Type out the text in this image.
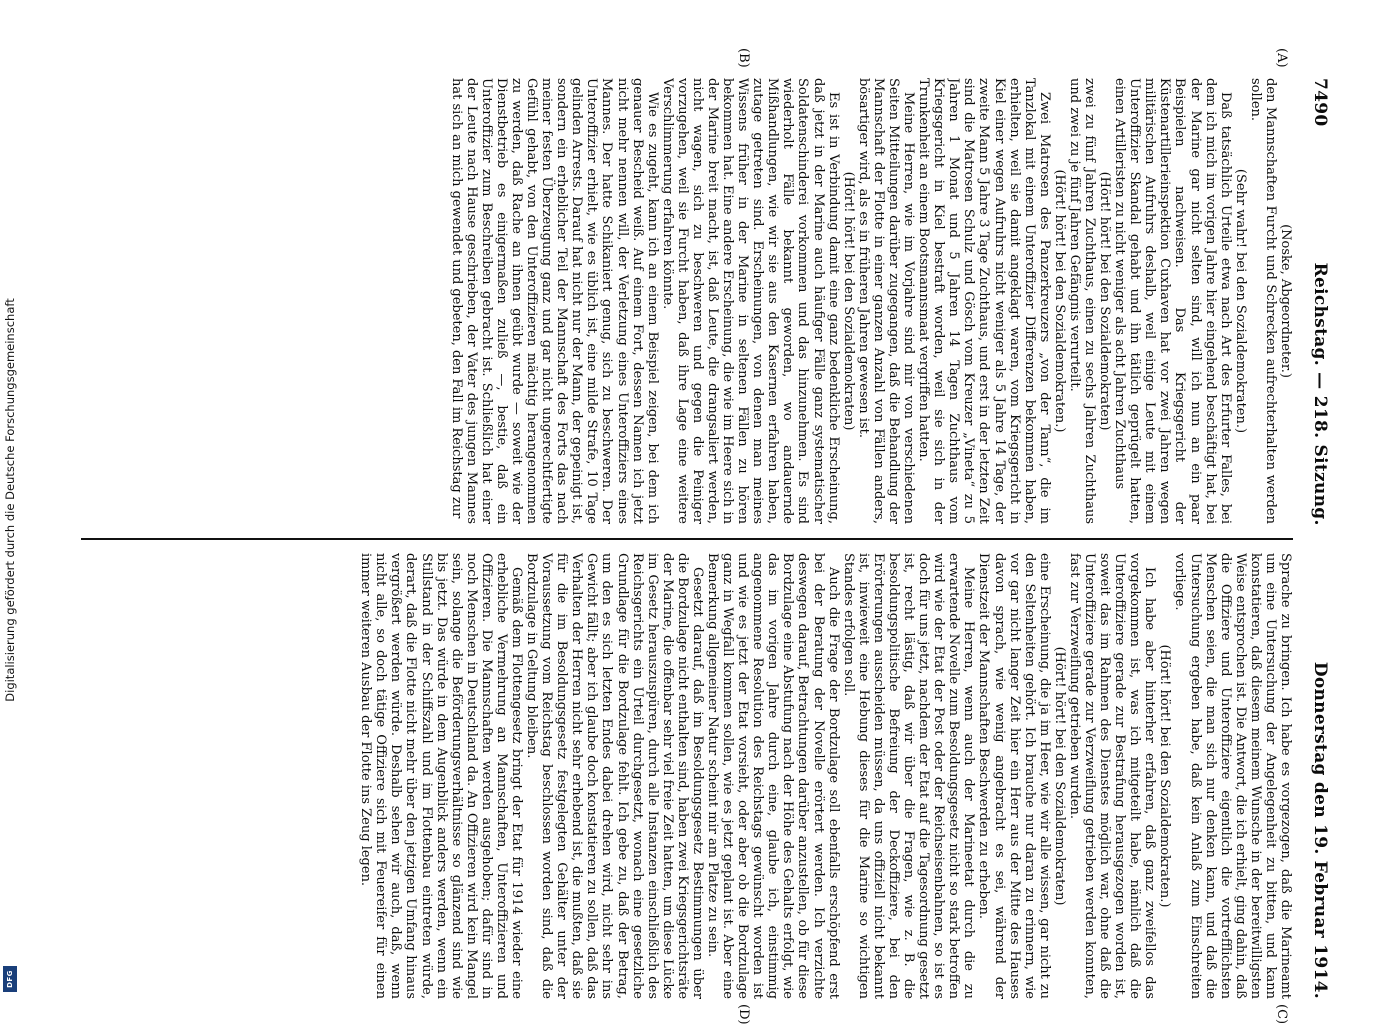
Digitalisierung gefördert durch die Deutsche Forschungsgemeinschaft
DFG
7490
Reichstag. — 218. Sitzung.
Donnerstag den 19. Februar 1914.

(Noske, Abgeordneter.)

den Mannschaften Furcht und Schrecken aufrechterhalten werden sollen.

(Sehr wahr! bei den Sozialdemokraten.)

Daß tatsächlich Urteile etwa nach Art des Erfurter Falles, bei dem ich mich im vorigen Jahre hier eingehend beschäftigt hat, bei der Marine gar nicht selten sind, will ich nun an ein paar Beispielen nachweisen. Das Kriegsgericht der Küstenartillerieinspektion Cuxhaven hat vor zwei Jahren wegen militärischen Aufruhrs deshalb, weil einige Leute mit einem Unteroffizier Skandal gehabt und ihn tätlich geprügelt hatten, einen Artilleristen zu nicht weniger als acht Jahren Zuchthaus

(Hört! hört! bei den Sozialdemokraten)

zwei zu fünf Jahren Zuchthaus, einen zu sechs Jahren Zuchthaus und zwei zu je fünf Jahren Gefängnis verurteilt.

(Hört! hört! bei den Sozialdemokraten.)

Zwei Matrosen des Panzerkreuzers „von der Tann“, die im Tanzlokal mit einem Unteroffizier Differenzen bekommen haben, erhielten, weil sie damit angeklagt waren, vom Kriegsgericht in Kiel einer wegen Aufruhrs nicht weniger als 5 Jahre 14 Tage, der zweite Mann 5 Jahre 3 Tage Zuchthaus, und erst in der letzten Zeit sind die Matrosen Schulz und Gösch vom Kreuzer „Vineta“ zu 5 Jahren 1 Monat und 5 Jahren 14 Tagen Zuchthaus vom Kriegsgericht in Kiel bestraft worden, weil sie sich in der Trunkenheit an einem Bootsmannsmaat vergriffen hatten.

Meine Herren, wie im Vorjahre sind mir von verschiedenen Seiten Mitteilungen darüber zugegangen, daß die Behandlung der Mannschaft der Flotte in einer ganzen Anzahl von Fällen anders, bösartiger wird, als es in früheren Jahren gewesen ist.

(Hört! hört! bei den Sozialdemokraten)

Es ist in Verbindung damit eine ganz bedenkliche Erscheinung, daß jetzt in der Marine auch häufiger Fälle ganz systematischer Soldatenschinderei vorkommen und das hinzunehmen. Es sind wiederholt Fälle bekannt geworden, wo andauernde Mißhandlungen, wie wir sie aus den Kasernen erfahren haben, zutage getreten sind. Erscheinungen, von denen man meines Wissens früher in der Marine in seltenen Fällen zu hören bekommen hat. Eine andere Erscheinung, die wie im Heere sich in der Marine breit macht, ist, daß Leute, die drangsaliert werden, nicht wagen, sich zu beschweren und gegen die Peiniger vorzugehen, weil sie Furcht haben, daß ihre Lage eine weitere Verschlimmerung erfahren könnte.

Wie es zugeht, kann ich an einem Beispiel zeigen, bei dem ich genauer Bescheid weiß. Auf einem Fort, dessen Namen ich jetzt nicht mehr nennen will, der Verletzung eines Unteroffiziers eines Mannes. Der hatte Schikaniert genug, sich zu beschweren. Der Unteroffizier erhielt, wie es üblich ist, eine milde Strafe, 10 Tage gelinden Arrests. Darauf hat nicht nur der Mann, der gepeinigt ist, sondern ein erheblicher Teil der Mannschaft des Forts das nach meiner festen Überzeugung ganz und gar nicht ungerechtfertigte Gefühl gehabt, von den Unteroffizieren mächtig herangenommen zu werden, daß Rache an ihnen geübt wurde — soweit wie der Dienstbetrieb es einigermaßen zuließ —, bestie, daß ein Unteroffizier zum Beschreiben gebracht ist. Schließlich hat einer der Leute nach Hause geschrieben, der Vater des jungen Mannes hat sich an mich gewendet und gebeten, den Fall im Reichstag zur

Sprache zu bringen. Ich habe es vorgezogen, daß die Marineamt um eine Untersuchung der Angelegenheit zu bitten, und kann konstatieren, daß diesem meinem Wunsche in der bereitwilligsten Weise entsprochen ist. Die Antwort, die ich erhielt, ging dahin, daß die Offiziere und Unteroffiziere eigentlich die vortrefflichsten Menschen seien, die man sich nur denken kann, und daß die Untersuchung ergeben habe, daß kein Anlaß zum Einschreiten vorliege.

(Hört! hört! bei den Sozialdemokraten.)

Ich habe aber hinterher erfahren, daß ganz zweifellos das vorgekommen ist, was ich mitgeteilt habe, nämlich daß die Unteroffiziere gerade zur Bestrafung herausgezogen worden ist, soweit das im Rahmen des Dienstes möglich war, ohne daß die Unteroffiziere gerade zur Verzweiflung getrieben werden konnten, fast zur Verzweiflung getrieben wurden.

(Hört! hört! bei den Sozialdemokraten)

eine Erscheinung, die ja im Heer, wie wir alle wissen, gar nicht zu den Seltenheiten gehört. Ich brauche nur daran zu erinnern, wie vor gar nicht langer Zeit hier ein Herr aus der Mitte des Hauses davon sprach, wie wenig angebracht es sei, während der Dienstzeit der Mannschaften Beschwerden zu erheben.

Meine Herren, wenn auch der Marineetat durch die zu erwartende Novelle zum Besoldungsgesetz nicht so stark betroffen wird wie der Etat der Post oder der Reichseisenbahnen, so ist es doch für uns jetzt, nachdem der Etat auf die Tagesordnung gesetzt ist, recht lästig, daß wir über die Fragen, wie z. B. die besoldungspolitische Befreiung der Deckoffiziere, bei den Erörterungen ausscheiden müssen, da uns offiziell nicht bekannt ist, inwieweit eine Hebung dieses für die Marine so wichtigen Standes erfolgen soll.

Auch die Frage der Bordzulage soll ebenfalls erschöpfend erst bei der Beratung der Novelle erörtert werden. Ich verzichte deswegen darauf, Betrachtungen darüber anzustellen, ob für diese Bordzulage eine Abstufung nach der Höhe des Gehalts erfolgt, wie das im vorigen Jahre durch eine, glaube ich, einstimmig angenommene Resolution des Reichstags gewünscht worden ist und wie es jetzt der Etat vorsieht, oder aber ob die Bordzulage ganz in Wegfall kommen sollen, wie es jetzt geplant ist. Aber eine Bemerkung allgemeiner Natur scheint mir am Platze zu sein.

Gesetzt darauf, daß im Besoldungsgesetz Bestimmungen über die Bordzulage nicht enthalten sind, haben zwei Kriegsgerichtsräte der Marine, die offenbar sehr viel freie Zeit hatten, um diese Lücke im Gesetz herauszuspüren, durch alle Instanzen einschließlich des Reichsgerichts ein Urteil durchgesetzt, wonach eine gesetzliche Grundlage für die Bordzulage fehlt. Ich gebe zu, daß der Betrag, um den es sich letzten Endes dabei drehen wird, nicht sehr ins Gewicht fällt; aber ich glaube doch konstatieren zu sollen, daß das Verhalten der Herren nicht sehr erhebend ist, die mußten, daß sie für die im Besoldungsgesetz festgelegten Gehälter unter der Voraussetzung vom Reichstag beschlossen worden sind, daß die Bordzulage in Geltung bleiben.

Gemäß dem Flottengesetz bringt der Etat für 1914 wieder eine erhebliche Vermehrung an Mannschaften, Unteroffizieren und Offizieren. Die Mannschaften werden ausgehoben; dafür sind in noch Menschen in Deutschland da. An Offizieren wird kein Mangel sein, solange die Beförderungsverhältnisse so glänzend sind wie bis jetzt. Das würde in dem Augenblick anders werden, wenn ein Stillstand in der Schiffszahl und im Flottenbau eintreten würde, derart, daß die Flotte nicht mehr über den jetzigen Umfang hinaus vergrößert werden würde. Deshalb sehen wir auch, daß, wenn nicht alle, so doch tätige Offiziere sich mit Feuereifer für einen immer weiteren Ausbau der Flotte ins Zeug legen.

(A)
(B)
(C)
(D)
